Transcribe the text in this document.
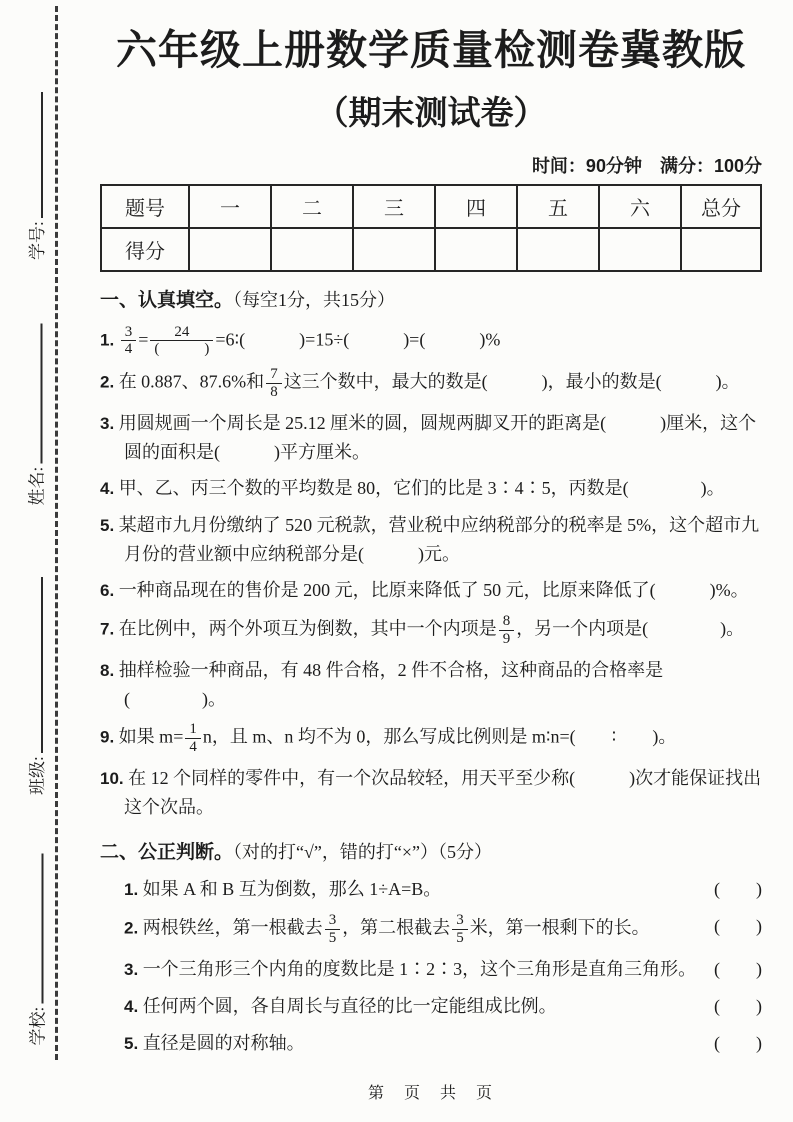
学号:
姓名:
班级:
学校:
六年级上册数学质量检测卷冀教版
（期末测试卷）
时间：90分钟　满分：100分
题号	一	二	三	四	五	六	总分
得分							
一、认真填空。（每空1分，共15分）
1. $\frac{3}{4} = \frac{24}{( )}$ =6∶(　　　)=15÷(　　　)=(　　　)%
2. 在 0.887、87.6%和 $\frac{7}{8}$ 这三个数中，最大的数是(　　　)，最小的数是(　　　)。
3. 用圆规画一个周长是 25.12 厘米的圆，圆规两脚叉开的距离是(　　　)厘米，这个圆的面积是(　　　)平方厘米。
4. 甲、乙、丙三个数的平均数是 80，它们的比是 3∶4∶5，丙数是(　　　　)。
5. 某超市九月份缴纳了 520 元税款，营业税中应纳税部分的税率是 5%，这个超市九月份的营业额中应纳税部分是(　　　)元。
6. 一种商品现在的售价是 200 元，比原来降低了 50 元，比原来降低了(　　　)%。
7. 在比例中，两个外项互为倒数，其中一个内项是 $\frac{8}{9}$ ，另一个内项是(　　　　)。
8. 抽样检验一种商品，有 48 件合格，2 件不合格，这种商品的合格率是(　　　　)。
9. 如果 $m= \frac{1}{4}$ n，且 m、n 均不为 0，那么写成比例则是 m∶n=(　　∶　　)。
10. 在 12 个同样的零件中，有一个次品较轻，用天平至少称(　　　)次才能保证找出这个次品。
二、公正判断。（对的打“√”，错的打“×”）（5分）
1. 如果 A 和 B 互为倒数，那么 1÷A=B。	(　　)
2. 两根铁丝，第一根截去 $\frac{3}{5}$ ，第二根截去 $\frac{3}{5}$ 米，第一根剩下的长。	(　　)
3. 一个三角形三个内角的度数比是 1∶2∶3，这个三角形是直角三角形。 (　　)
4. 任何两个圆，各自周长与直径的比一定能组成比例。	(　　)
5. 直径是圆的对称轴。	(　　)
第　页　共　页
